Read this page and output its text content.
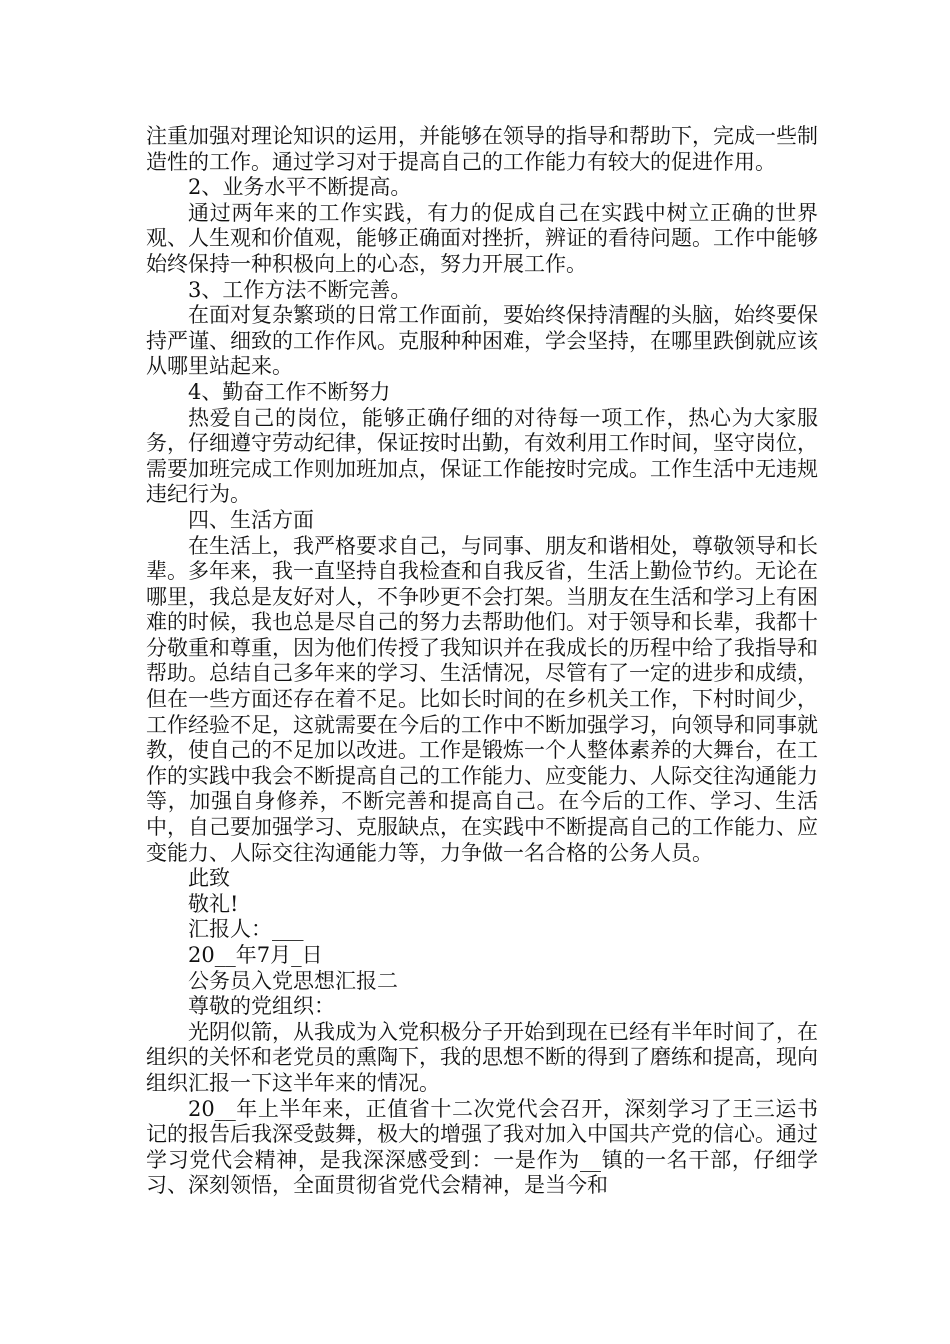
注重加强对理论知识的运用，并能够在领导的指导和帮助下，完成一些制造性的工作。通过学习对于提高自己的工作能力有较大的促进作用。

2、业务水平不断提高。

通过两年来的工作实践，有力的促成自己在实践中树立正确的世界观、人生观和价值观，能够正确面对挫折，辨证的看待问题。工作中能够始终保持一种积极向上的心态，努力开展工作。

3、工作方法不断完善。

在面对复杂繁琐的日常工作面前，要始终保持清醒的头脑，始终要保持严谨、细致的工作作风。克服种种困难，学会坚持，在哪里跌倒就应该从哪里站起来。

4、勤奋工作不断努力

热爱自己的岗位，能够正确仔细的对待每一项工作，热心为大家服务，仔细遵守劳动纪律，保证按时出勤，有效利用工作时间，坚守岗位，需要加班完成工作则加班加点，保证工作能按时完成。工作生活中无违规违纪行为。

四、生活方面

在生活上，我严格要求自己，与同事、朋友和谐相处，尊敬领导和长辈。多年来，我一直坚持自我检查和自我反省，生活上勤俭节约。无论在哪里，我总是友好对人，不争吵更不会打架。当朋友在生活和学习上有困难的时候，我也总是尽自己的努力去帮助他们。对于领导和长辈，我都十分敬重和尊重，因为他们传授了我知识并在我成长的历程中给了我指导和帮助。总结自己多年来的学习、生活情况，尽管有了一定的进步和成绩，但在一些方面还存在着不足。比如长时间的在乡机关工作，下村时间少，工作经验不足，这就需要在今后的工作中不断加强学习，向领导和同事就教，使自己的不足加以改进。工作是锻炼一个人整体素养的大舞台，在工作的实践中我会不断提高自己的工作能力、应变能力、人际交往沟通能力等，加强自身修养，不断完善和提高自己。在今后的工作、学习、生活中，自己要加强学习、克服缺点，在实践中不断提高自己的工作能力、应变能力、人际交往沟通能力等，力争做一名合格的公务人员。

此致

敬礼!

汇报人：___

20__年7月_日

公务员入党思想汇报二

尊敬的党组织：

光阴似箭，从我成为入党积极分子开始到现在已经有半年时间了，在组织的关怀和老党员的熏陶下，我的思想不断的得到了磨练和提高，现向组织汇报一下这半年来的情况。

20__年上半年来，正值省十二次党代会召开，深刻学习了王三运书记的报告后我深受鼓舞，极大的增强了我对加入中国共产党的信心。通过学习党代会精神，是我深深感受到：一是作为__镇的一名干部，仔细学习、深刻领悟，全面贯彻省党代会精神，是当今和
